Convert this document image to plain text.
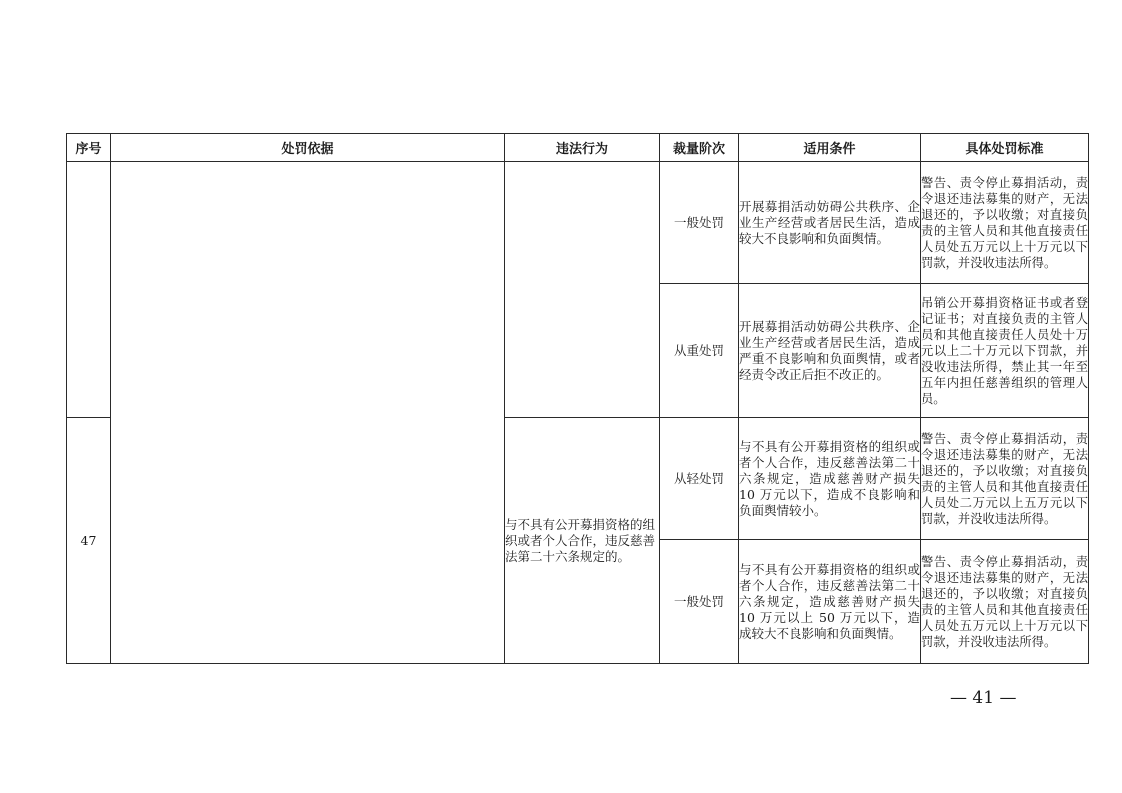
序号	处罚依据	违法行为	裁量阶次	适用条件	具体处罚标准
			一般处罚	开展募捐活动妨碍公共秩序、企业生产经营或者居民生活，造成较大不良影响和负面舆情。	警告、责令停止募捐活动，责令退还违法募集的财产，无法退还的，予以收缴；对直接负责的主管人员和其他直接责任人员处五万元以上十万元以下罚款，并没收违法所得。
			从重处罚	开展募捐活动妨碍公共秩序、企业生产经营或者居民生活，造成严重不良影响和负面舆情，或者经责令改正后拒不改正的。	吊销公开募捐资格证书或者登记证书；对直接负责的主管人员和其他直接责任人员处十万元以上二十万元以下罚款，并没收违法所得，禁止其一年至五年内担任慈善组织的管理人员。
47		与不具有公开募捐资格的组织或者个人合作，违反慈善法第二十六条规定的。	从轻处罚	与不具有公开募捐资格的组织或者个人合作，违反慈善法第二十六条规定，造成慈善财产损失 10 万元以下，造成不良影响和负面舆情较小。	警告、责令停止募捐活动，责令退还违法募集的财产，无法退还的，予以收缴；对直接负责的主管人员和其他直接责任人员处二万元以上五万元以下罚款，并没收违法所得。
			一般处罚	与不具有公开募捐资格的组织或者个人合作，违反慈善法第二十六条规定，造成慈善财产损失 10 万元以上 50 万元以下，造成较大不良影响和负面舆情。	警告、责令停止募捐活动，责令退还违法募集的财产，无法退还的，予以收缴；对直接负责的主管人员和其他直接责任人员处五万元以上十万元以下罚款，并没收违法所得。
— 41 —
